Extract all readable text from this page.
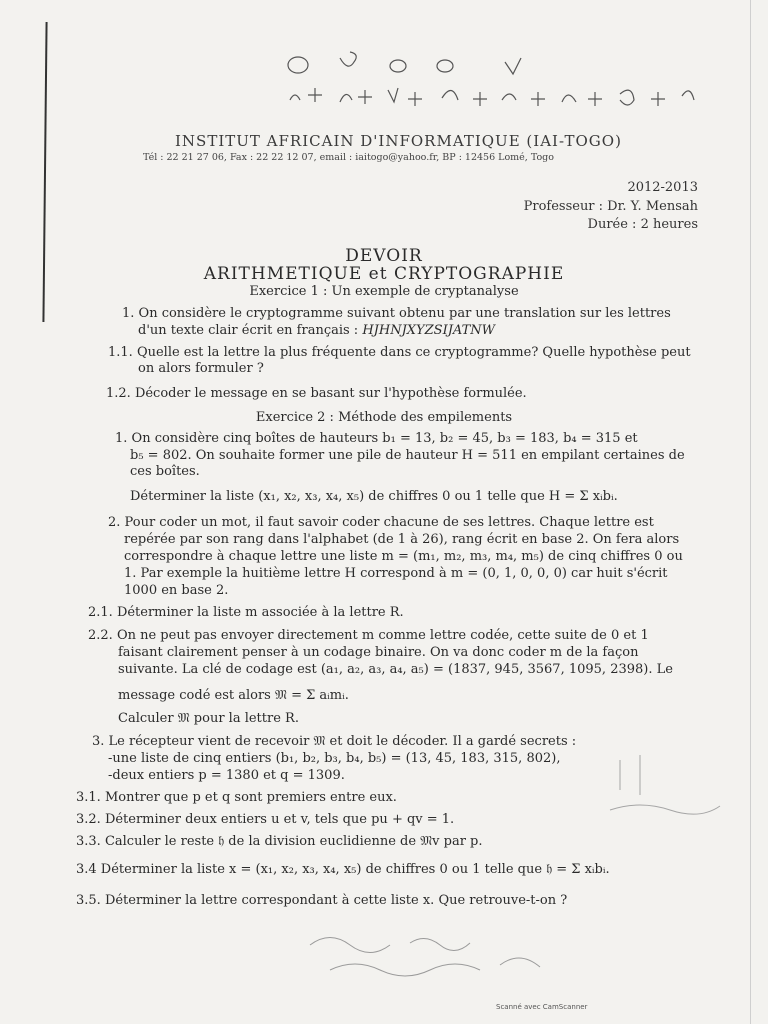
INSTITUT AFRICAIN D'INFORMATIQUE (IAI-TOGO)
Tél : 22 21 27 06, Fax : 22 22 12 07, email : iaitogo@yahoo.fr, BP : 12456 Lomé, Togo
2012-2013
Professeur : Dr. Y. Mensah
Durée : 2 heures
DEVOIR
ARITHMETIQUE et CRYPTOGRAPHIE
Exercice 1 : Un exemple de cryptanalyse
1. On considère le cryptogramme suivant obtenu par une translation sur les lettres
d'un texte clair écrit en français : HJHNJXYZSIJATNW
1.1. Quelle est la lettre la plus fréquente dans ce cryptogramme? Quelle hypothèse peut
on alors formuler ?
1.2. Décoder le message en se basant sur l'hypothèse formulée.
Exercice 2 : Méthode des empilements
1. On considère cinq boîtes de hauteurs b₁ = 13, b₂ = 45, b₃ = 183, b₄ = 315 et
b₅ = 802. On souhaite former une pile de hauteur H = 511 en empilant certaines de
ces boîtes.
Déterminer la liste (x₁, x₂, x₃, x₄, x₅) de chiffres 0 ou 1 telle que H = Σ xᵢbᵢ.
2. Pour coder un mot, il faut savoir coder chacune de ses lettres. Chaque lettre est
repérée par son rang dans l'alphabet (de 1 à 26), rang écrit en base 2. On fera alors
correspondre à chaque lettre une liste m = (m₁, m₂, m₃, m₄, m₅) de cinq chiffres 0 ou
1. Par exemple la huitième lettre H correspond à m = (0, 1, 0, 0, 0) car huit s'écrit
1000 en base 2.
2.1. Déterminer la liste m associée à la lettre R.
2.2. On ne peut pas envoyer directement m comme lettre codée, cette suite de 0 et 1
faisant clairement penser à un codage binaire. On va donc coder m de la façon
suivante. La clé de codage est (a₁, a₂, a₃, a₄, a₅) = (1837, 945, 3567, 1095, 2398). Le
message codé est alors 𝔐 = Σ aᵢmᵢ.
Calculer 𝔐 pour la lettre R.
3. Le récepteur vient de recevoir 𝔐 et doit le décoder. Il a gardé secrets :
-une liste de cinq entiers (b₁, b₂, b₃, b₄, b₅) = (13, 45, 183, 315, 802),
-deux entiers p = 1380 et q = 1309.
3.1. Montrer que p et q sont premiers entre eux.
3.2. Déterminer deux entiers u et v, tels que pu + qv = 1.
3.3. Calculer le reste 𝔥 de la division euclidienne de 𝔐v par p.
3.4 Déterminer la liste x = (x₁, x₂, x₃, x₄, x₅) de chiffres 0 ou 1 telle que 𝔥 = Σ xᵢbᵢ.
3.5. Déterminer la lettre correspondant à cette liste x. Que retrouve-t-on ?
Scanné avec CamScanner
